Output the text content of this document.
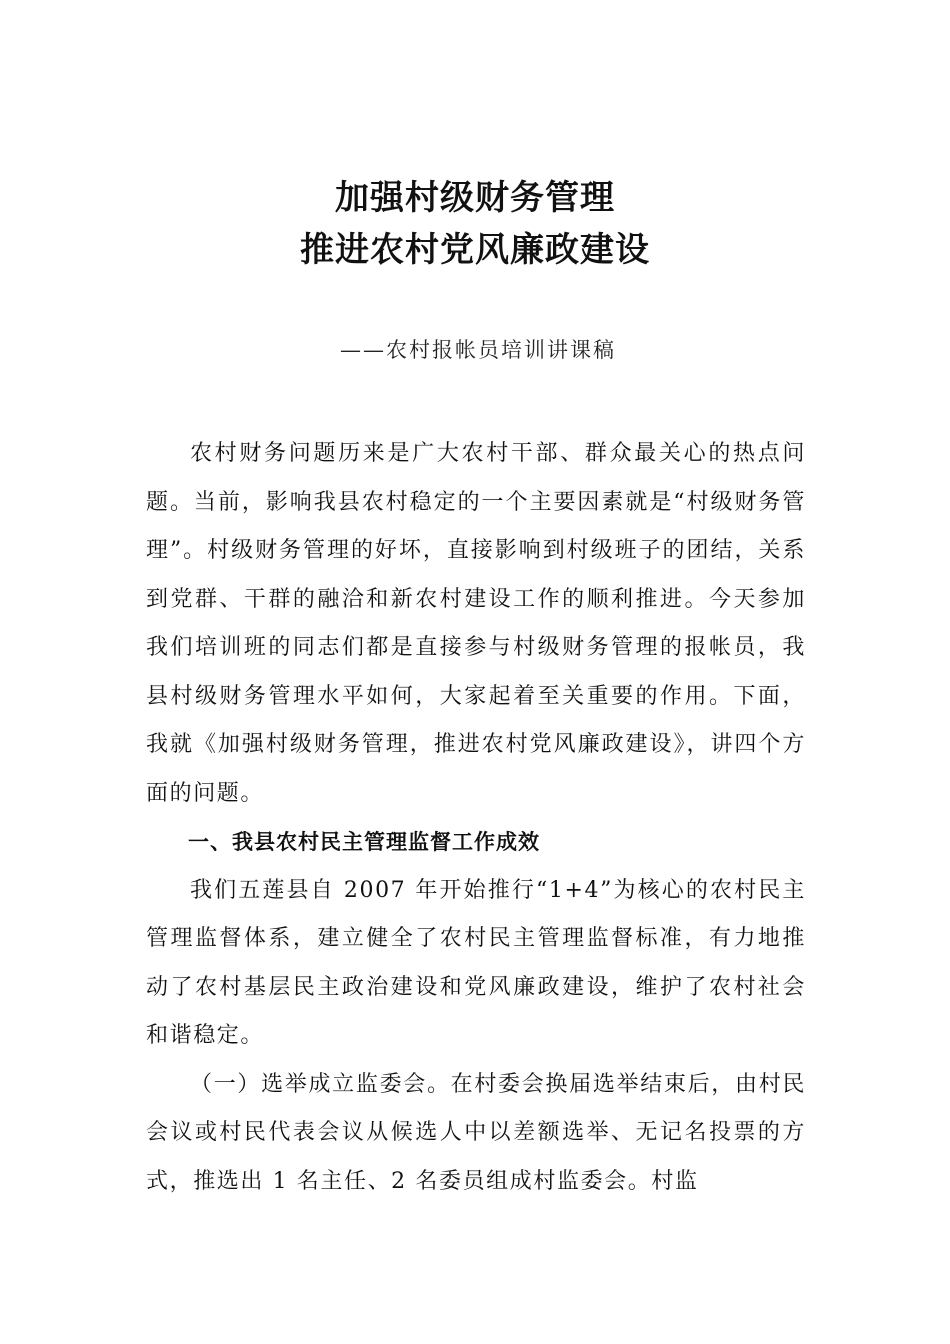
加强村级财务管理
推进农村党风廉政建设
——农村报帐员培训讲课稿

农村财务问题历来是广大农村干部、群众最关心的热点问题。当前，影响我县农村稳定的一个主要因素就是“村级财务管理”。村级财务管理的好坏，直接影响到村级班子的团结，关系到党群、干群的融洽和新农村建设工作的顺利推进。今天参加我们培训班的同志们都是直接参与村级财务管理的报帐员，我县村级财务管理水平如何，大家起着至关重要的作用。下面，我就《加强村级财务管理，推进农村党风廉政建设》，讲四个方面的问题。

一、我县农村民主管理监督工作成效

我们五莲县自 2007 年开始推行“1+4”为核心的农村民主管理监督体系，建立健全了农村民主管理监督标准，有力地推动了农村基层民主政治建设和党风廉政建设，维护了农村社会和谐稳定。

（一）选举成立监委会。在村委会换届选举结束后，由村民会议或村民代表会议从候选人中以差额选举、无记名投票的方式，推选出 1 名主任、2 名委员组成村监委会。村监
